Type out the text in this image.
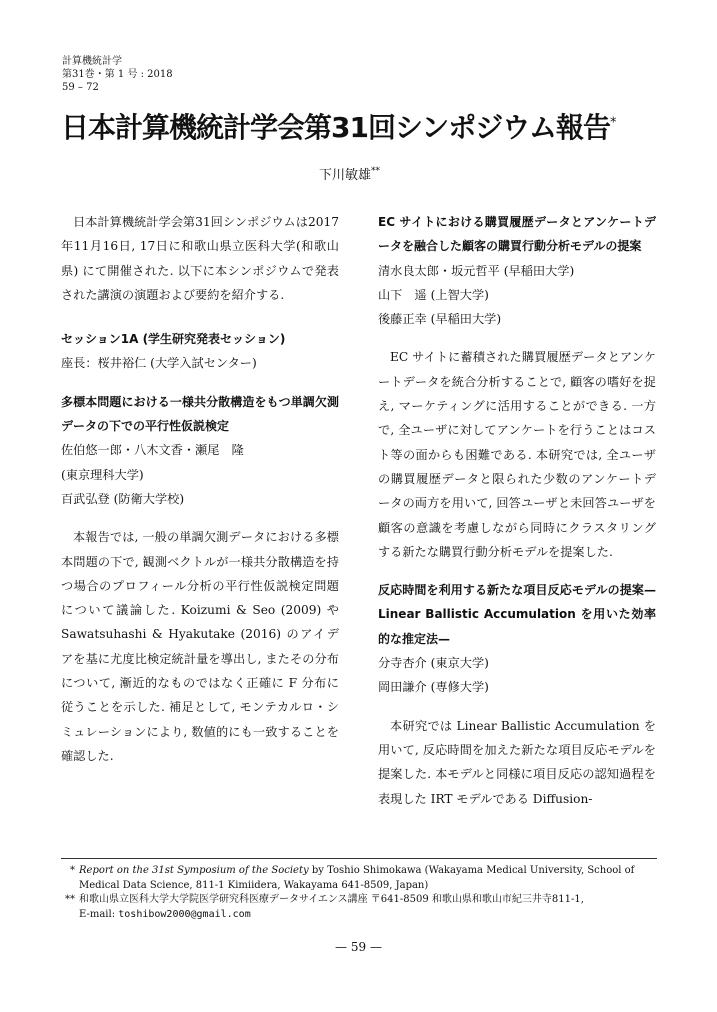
計算機統計学
第31巻・第 1 号 : 2018
59 – 72
日本計算機統計学会第31回シンポジウム報告*
下川敏雄**

日本計算機統計学会第31回シンポジウムは2017年11月16日, 17日に和歌山県立医科大学(和歌山県) にて開催された. 以下に本シンポジウムで発表された講演の演題および要約を紹介する.

セッション1A (学生研究発表セッション)

座長：桜井裕仁 (大学入試センター)

多標本問題における一様共分散構造をもつ単調欠測データの下での平行性仮説検定

佐伯悠一郎・八木文香・瀬尾　隆

(東京理科大学)

百武弘登 (防衛大学校)

本報告では, 一般の単調欠測データにおける多標本問題の下で, 観測ベクトルが一様共分散構造を持つ場合のプロフィール分析の平行性仮説検定問題について議論した. Koizumi & Seo (2009) やSawatsuhashi & Hyakutake (2016) のアイデアを基に尤度比検定統計量を導出し, またその分布について, 漸近的なものではなく正確に F 分布に従うことを示した. 補足として, モンテカルロ・シミュレーションにより, 数値的にも一致することを確認した.

EC サイトにおける購買履歴データとアンケートデータを融合した顧客の購買行動分析モデルの提案

清水良太郎・坂元哲平 (早稲田大学)

山下　遥 (上智大学)

後藤正幸 (早稲田大学)

EC サイトに蓄積された購買履歴データとアンケートデータを統合分析することで, 顧客の嗜好を捉え, マーケティングに活用することができる. 一方で, 全ユーザに対してアンケートを行うことはコスト等の面からも困難である. 本研究では, 全ユーザの購買履歴データと限られた少数のアンケートデータの両方を用いて, 回答ユーザと未回答ユーザを顧客の意識を考慮しながら同時にクラスタリングする新たな購買行動分析モデルを提案した.

反応時間を利用する新たな項目反応モデルの提案—Linear Ballistic Accumulation を用いた効率的な推定法—

分寺杏介 (東京大学)

岡田謙介 (専修大学)

本研究では Linear Ballistic Accumulation を用いて, 反応時間を加えた新たな項目反応モデルを提案した. 本モデルと同様に項目反応の認知過程を表現した IRT モデルである Diffusion-

* Report on the 31st Symposium of the Society by Toshio Shimokawa (Wakayama Medical University, School of Medical Data Science, 811-1 Kimiidera, Wakayama 641-8509, Japan)
** 和歌山県立医科大学大学院医学研究科医療データサイエンス講座 〒641-8509 和歌山県和歌山市紀三井寺811-1,
E-mail: toshibow2000@gmail.com
— 59 —
